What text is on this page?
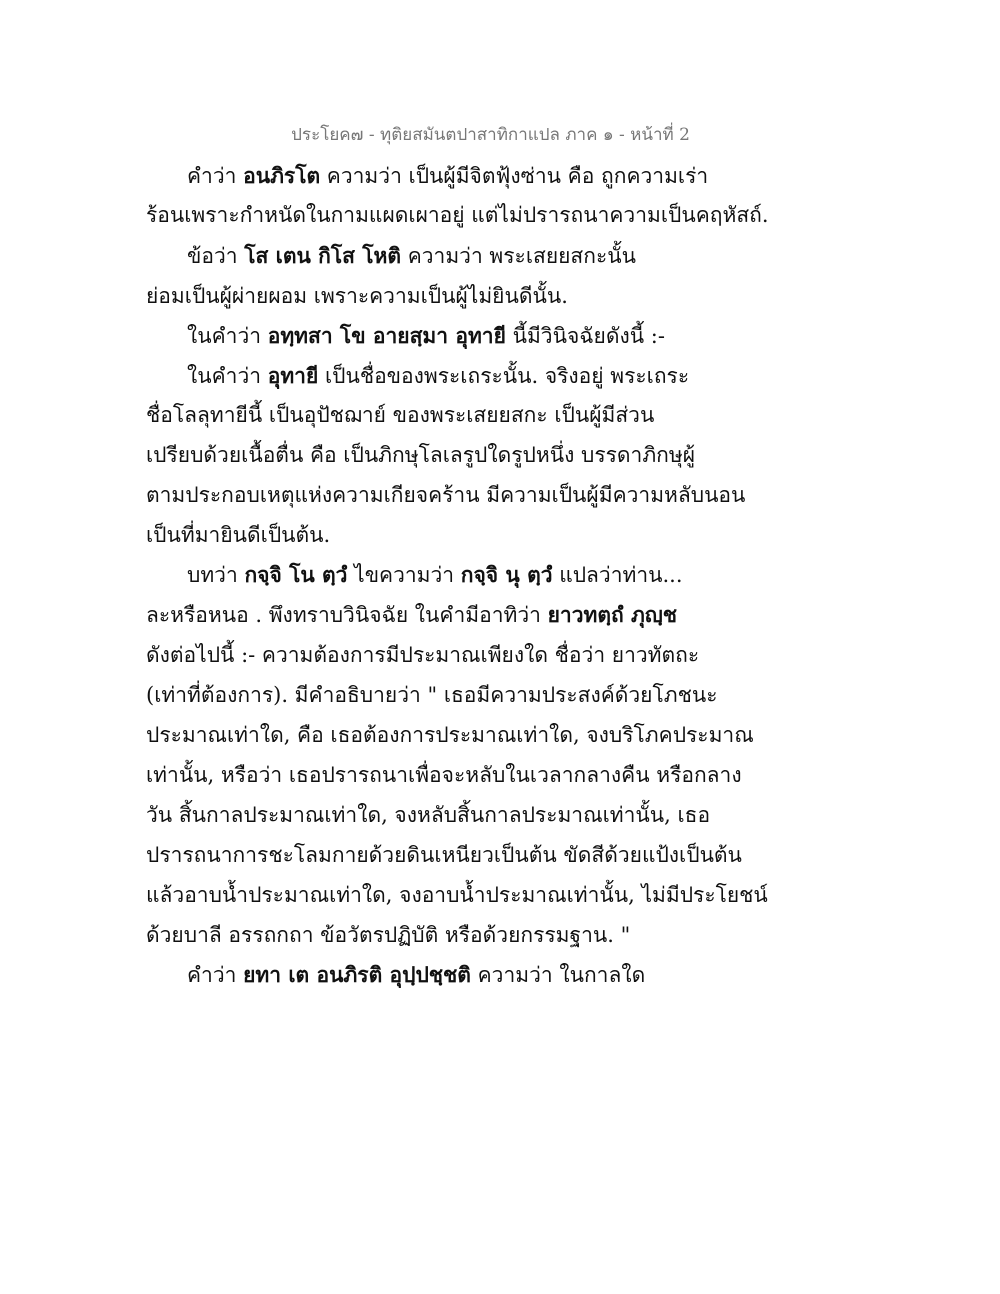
ประโยค๗ - ทุติยสมันตปาสาทิกาแปล ภาค ๑ - หน้าที่ 2
คำว่า อนภิรโต ความว่า เป็นผู้มีจิตฟุ้งซ่าน คือ ถูกความเร่า
ร้อนเพราะกำหนัดในกามแผดเผาอยู่ แต่ไม่ปรารถนาความเป็นคฤหัสถ์.
ข้อว่า โส เตน กิโส โหติ ความว่า พระเสยยสกะนั้น
ย่อมเป็นผู้ผ่ายผอม เพราะความเป็นผู้ไม่ยินดีนั้น.
ในคำว่า อทฺทสา โข อายสฺมา อุทายี นี้มีวินิจฉัยดังนี้ :-
ในคำว่า อุทายี เป็นชื่อของพระเถระนั้น. จริงอยู่ พระเถระ
ชื่อโลลุทายีนี้ เป็นอุปัชฌาย์ ของพระเสยยสกะ เป็นผู้มีส่วน
เปรียบด้วยเนื้อตื่น คือ เป็นภิกษุโลเลรูปใดรูปหนึ่ง บรรดาภิกษุผู้
ตามประกอบเหตุแห่งความเกียจคร้าน มีความเป็นผู้มีความหลับนอน
เป็นที่มายินดีเป็นต้น.
บทว่า กจฺจิ โน ตฺวํ ไขความว่า กจฺจิ นุ ตฺวํ แปลว่าท่าน...
ละหรือหนอ . พึงทราบวินิจฉัย ในคำมีอาทิว่า ยาวทตฺถํ ภุญฺช
ดังต่อไปนี้ :- ความต้องการมีประมาณเพียงใด ชื่อว่า ยาวทัตถะ
(เท่าที่ต้องการ). มีคำอธิบายว่า " เธอมีความประสงค์ด้วยโภชนะ
ประมาณเท่าใด, คือ เธอต้องการประมาณเท่าใด, จงบริโภคประมาณ
เท่านั้น, หรือว่า เธอปรารถนาเพื่อจะหลับในเวลากลางคืน หรือกลาง
วัน สิ้นกาลประมาณเท่าใด, จงหลับสิ้นกาลประมาณเท่านั้น, เธอ
ปรารถนาการชะโลมกายด้วยดินเหนียวเป็นต้น ขัดสีด้วยแป้งเป็นต้น
แล้วอาบน้ำประมาณเท่าใด, จงอาบน้ำประมาณเท่านั้น, ไม่มีประโยชน์
ด้วยบาลี อรรถกถา ข้อวัตรปฏิบัติ หรือด้วยกรรมฐาน. "
คำว่า ยทา เต อนภิรติ อุปฺปชฺชติ ความว่า ในกาลใด
